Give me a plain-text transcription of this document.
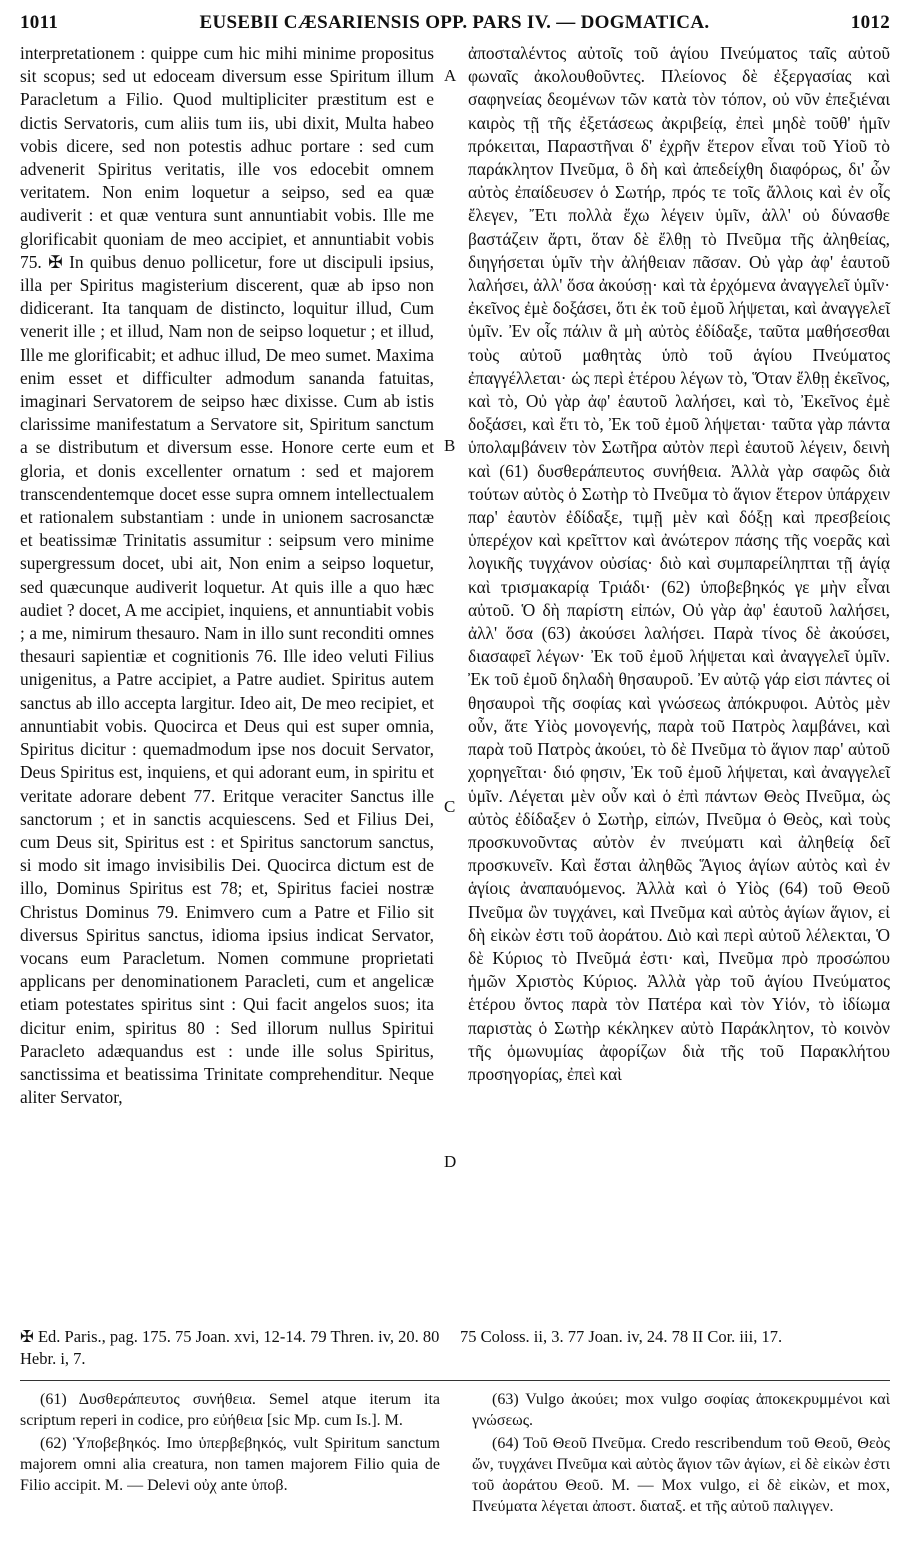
1011	EUSEBII CÆSARIENSIS OPP. PARS IV. — DOGMATICA.	1012

interpretationem : quippe cum hic mihi minime propositus sit scopus; sed ut edoceam diversum esse Spiritum illum Paracletum a Filio. Quod multipliciter præstitum est e dictis Servatoris, cum aliis tum iis, ubi dixit, Multa habeo vobis dicere, sed non potestis adhuc portare : sed cum advenerit Spiritus veritatis, ille vos edocebit omnem veritatem. Non enim loquetur a seipso, sed ea quæ audiverit : et quæ ventura sunt annuntiabit vobis. Ille me glorificabit quoniam de meo accipiet, et annuntiabit vobis 75. ✠ In quibus denuo pollicetur, fore ut discipuli ipsius, illa per Spiritus magisterium discerent, quæ ab ipso non didicerant. Ita tanquam de distincto, loquitur illud, Cum venerit ille ; et illud, Nam non de seipso loquetur ; et illud, Ille me glorificabit; et adhuc illud, De meo sumet. Maxima enim esset et difficulter admodum sananda fatuitas, imaginari Servatorem de seipso hæc dixisse. Cum ab istis clarissime manifestatum a Servatore sit, Spiritum sanctum a se distributum et diversum esse. Honore certe eum et gloria, et donis excellenter ornatum : sed et majorem transcendentemque docet esse supra omnem intellectualem et rationalem substantiam : unde in unionem sacrosanctæ et beatissimæ Trinitatis assumitur : seipsum vero minime supergressum docet, ubi ait, Non enim a seipso loquetur, sed quæcunque audiverit loquetur. At quis ille a quo hæc audiet ? docet, A me accipiet, inquiens, et annuntiabit vobis ; a me, nimirum thesauro. Nam in illo sunt reconditi omnes thesauri sapientiæ et cognitionis 76. Ille ideo veluti Filius unigenitus, a Patre accipiet, a Patre audiet. Spiritus autem sanctus ab illo accepta largitur. Ideo ait, De meo recipiet, et annuntiabit vobis. Quocirca et Deus qui est super omnia, Spiritus dicitur : quemadmodum ipse nos docuit Servator, Deus Spiritus est, inquiens, et qui adorant eum, in spiritu et veritate adorare debent 77. Eritque veraciter Sanctus ille sanctorum ; et in sanctis acquiescens. Sed et Filius Dei, cum Deus sit, Spiritus est : et Spiritus sanctorum sanctus, si modo sit imago invisibilis Dei. Quocirca dictum est de illo, Dominus Spiritus est 78; et, Spiritus faciei nostræ Christus Dominus 79. Enimvero cum a Patre et Filio sit diversus Spiritus sanctus, idioma ipsius indicat Servator, vocans eum Paracletum. Nomen commune proprietati applicans per denominationem Paracleti, cum et angelicæ etiam potestates spiritus sint : Qui facit angelos suos; ita dicitur enim, spiritus 80 : Sed illorum nullus Spiritui Paracleto adæquandus est : unde ille solus Spiritus, sanctissima et beatissima Trinitate comprehenditur. Neque aliter Servator,

A
B
C
D

ἀποσταλέντος αὐτοῖς τοῦ ἁγίου Πνεύματος ταῖς αὐτοῦ φωναῖς ἀκολουθοῦντες. Πλείονος δὲ ἐξεργασίας καὶ σαφηνείας δεομένων τῶν κατὰ τὸν τόπον, οὐ νῦν ἐπεξιέναι καιρὸς τῇ τῆς ἐξετάσεως ἀκριβείᾳ, ἐπεὶ μηδὲ τοῦθ' ἡμῖν πρόκειται, Παραστῆναι δ' ἐχρῆν ἕτερον εἶναι τοῦ Υἱοῦ τὸ παράκλητον Πνεῦμα, ὃ δὴ καὶ ἀπεδείχθη διαφόρως, δι' ὧν αὐτὸς ἐπαίδευσεν ὁ Σωτήρ, πρός τε τοῖς ἄλλοις καὶ ἐν οἷς ἔλεγεν, Ἔτι πολλὰ ἔχω λέγειν ὑμῖν, ἀλλ' οὐ δύνασθε βαστάζειν ἄρτι, ὅταν δὲ ἔλθῃ τὸ Πνεῦμα τῆς ἀληθείας, διηγήσεται ὑμῖν τὴν ἀλήθειαν πᾶσαν. Οὐ γὰρ ἀφ' ἑαυτοῦ λαλήσει, ἀλλ' ὅσα ἀκούσῃ· καὶ τὰ ἐρχόμενα ἀναγγελεῖ ὑμῖν· ἐκεῖνος ἐμὲ δοξάσει, ὅτι ἐκ τοῦ ἐμοῦ λήψεται, καὶ ἀναγγελεῖ ὑμῖν. Ἐν οἷς πάλιν ἃ μὴ αὐτὸς ἐδίδαξε, ταῦτα μαθήσεσθαι τοὺς αὐτοῦ μαθητὰς ὑπὸ τοῦ ἁγίου Πνεύματος ἐπαγγέλλεται· ὡς περὶ ἑτέρου λέγων τὸ, Ὅταν ἔλθῃ ἐκεῖνος, καὶ τὸ, Οὐ γὰρ ἀφ' ἑαυτοῦ λαλήσει, καὶ τὸ, Ἐκεῖνος ἐμὲ δοξάσει, καὶ ἔτι τὸ, Ἐκ τοῦ ἐμοῦ λήψεται· ταῦτα γὰρ πάντα ὑπολαμβάνειν τὸν Σωτῆρα αὐτὸν περὶ ἑαυτοῦ λέγειν, δεινὴ καὶ (61) δυσθεράπευτος συνήθεια. Ἀλλὰ γὰρ σαφῶς διὰ τούτων αὐτὸς ὁ Σωτὴρ τὸ Πνεῦμα τὸ ἅγιον ἕτερον ὑπάρχειν παρ' ἑαυτὸν ἐδίδαξε, τιμῇ μὲν καὶ δόξῃ καὶ πρεσβείοις ὑπερέχον καὶ κρεῖττον καὶ ἀνώτερον πάσης τῆς νοερᾶς καὶ λογικῆς τυγχάνον οὐσίας· διὸ καὶ συμπαρείληπται τῇ ἁγίᾳ καὶ τρισμακαρίᾳ Τριάδι· (62) ὑποβεβηκός γε μὴν εἶναι αὐτοῦ. Ὁ δὴ παρίστη εἰπών, Οὐ γὰρ ἀφ' ἑαυτοῦ λαλήσει, ἀλλ' ὅσα (63) ἀκούσει λαλήσει. Παρὰ τίνος δὲ ἀκούσει, διασαφεῖ λέγων· Ἐκ τοῦ ἐμοῦ λήψεται καὶ ἀναγγελεῖ ὑμῖν. Ἐκ τοῦ ἐμοῦ δηλαδὴ θησαυροῦ. Ἐν αὐτῷ γάρ εἰσι πάντες οἱ θησαυροὶ τῆς σοφίας καὶ γνώσεως ἀπόκρυφοι. Αὐτὸς μὲν οὖν, ἅτε Υἱὸς μονογενής, παρὰ τοῦ Πατρὸς λαμβάνει, καὶ παρὰ τοῦ Πατρὸς ἀκούει, τὸ δὲ Πνεῦμα τὸ ἅγιον παρ' αὐτοῦ χορηγεῖται· διό φησιν, Ἐκ τοῦ ἐμοῦ λήψεται, καὶ ἀναγγελεῖ ὑμῖν. Λέγεται μὲν οὖν καὶ ὁ ἐπὶ πάντων Θεὸς Πνεῦμα, ὡς αὐτὸς ἐδίδαξεν ὁ Σωτὴρ, εἰπών, Πνεῦμα ὁ Θεὸς, καὶ τοὺς προσκυνοῦντας αὐτὸν ἐν πνεύματι καὶ ἀληθείᾳ δεῖ προσκυνεῖν. Καὶ ἔσται ἀληθῶς Ἅγιος ἁγίων αὐτὸς καὶ ἐν ἁγίοις ἀναπαυόμενος. Ἀλλὰ καὶ ὁ Υἱὸς (64) τοῦ Θεοῦ Πνεῦμα ὢν τυγχάνει, καὶ Πνεῦμα καὶ αὐτὸς ἁγίων ἅγιον, εἰ δὴ εἰκὼν ἐστι τοῦ ἀοράτου. Διὸ καὶ περὶ αὐτοῦ λέλεκται, Ὁ δὲ Κύριος τὸ Πνεῦμά ἐστι· καὶ, Πνεῦμα πρὸ προσώπου ἡμῶν Χριστὸς Κύριος. Ἀλλὰ γὰρ τοῦ ἁγίου Πνεύματος ἑτέρου ὄντος παρὰ τὸν Πατέρα καὶ τὸν Υἱόν, τὸ ἰδίωμα παριστὰς ὁ Σωτὴρ κέκληκεν αὐτὸ Παράκλητον, τὸ κοινὸν τῆς ὁμωνυμίας ἀφορίζων διὰ τῆς τοῦ Παρακλήτου προσηγορίας, ἐπεὶ καὶ

✠ Ed. Paris., pag. 175. 75 Joan. xvi, 12-14. 79 Thren. iv, 20. 80 Hebr. i, 7.
75 Coloss. ii, 3. 77 Joan. iv, 24. 78 II Cor. iii, 17.

(61) Δυσθεράπευτος συνήθεια. Semel atque iterum ita scriptum reperi in codice, pro εὐήθεια [sic Mp. cum Is.]. M.

(62) Ὑποβεβηκός. Imo ὑπερβεβηκός, vult Spiritum sanctum majorem omni alia creatura, non tamen majorem Filio quia de Filio accipit. M. — Delevi οὐχ ante ὑποβ.

(63) Vulgo ἀκούει; mox vulgo σοφίας ἀποκεκρυμμένοι καὶ γνώσεως.

(64) Τοῦ Θεοῦ Πνεῦμα. Credo rescribendum τοῦ Θεοῦ, Θεὸς ὤν, τυγχάνει Πνεῦμα καὶ αὐτὸς ἅγιον τῶν ἁγίων, εἰ δὲ εἰκὼν ἐστι τοῦ ἀοράτου Θεοῦ. M. — Mox vulgo, εἰ δὲ εἰκὼν, et mox, Πνεύματα λέγεται ἀποστ. διαταξ. et τῆς αὐτοῦ παλιγγεν.
